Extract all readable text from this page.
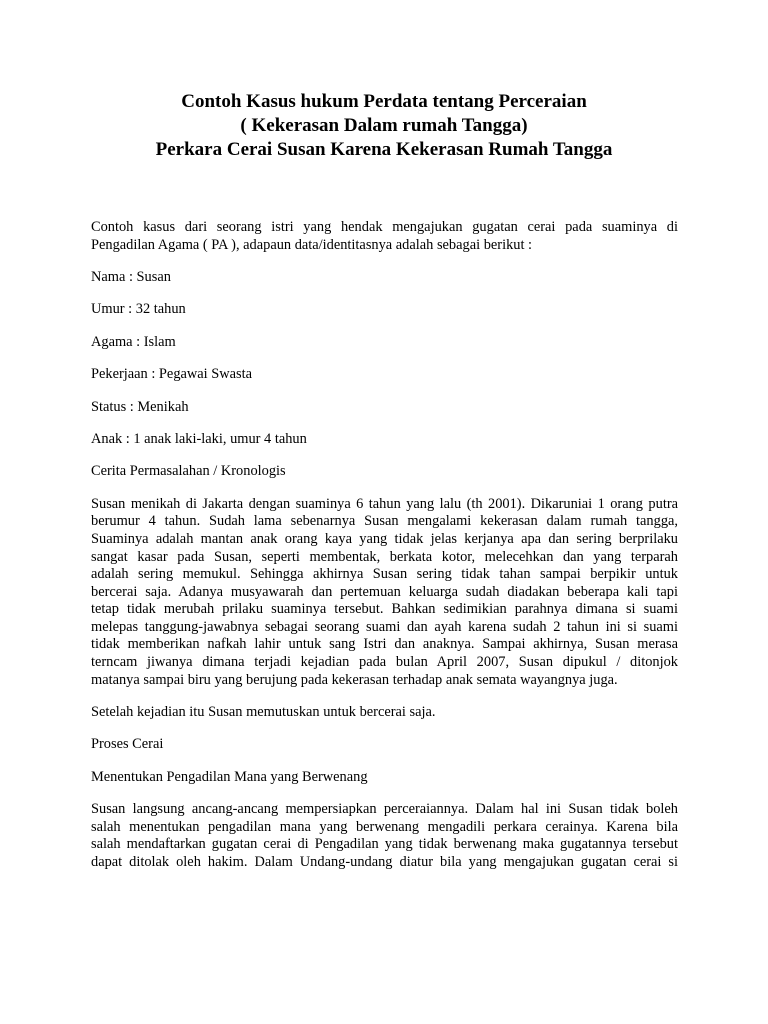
Contoh Kasus hukum Perdata tentang Perceraian
( Kekerasan Dalam rumah Tangga)
Perkara Cerai Susan Karena Kekerasan Rumah Tangga
Contoh kasus dari seorang istri yang hendak mengajukan gugatan cerai pada suaminya di
Pengadilan Agama ( PA ), adapaun data/identitasnya adalah sebagai berikut :
Nama : Susan
Umur : 32 tahun
Agama : Islam
Pekerjaan : Pegawai Swasta
Status : Menikah
Anak : 1 anak laki-laki, umur 4 tahun
Cerita Permasalahan / Kronologis
Susan menikah di Jakarta dengan suaminya 6 tahun yang lalu (th 2001). Dikaruniai 1 orang putra
berumur 4 tahun. Sudah lama sebenarnya Susan mengalami kekerasan dalam rumah tangga,
Suaminya adalah mantan anak orang kaya yang tidak jelas kerjanya apa dan sering berprilaku
sangat kasar pada Susan, seperti membentak, berkata kotor, melecehkan dan yang terparah
adalah sering memukul. Sehingga akhirnya Susan sering tidak tahan sampai berpikir untuk
bercerai saja. Adanya musyawarah dan pertemuan keluarga sudah diadakan beberapa kali tapi
tetap tidak merubah prilaku suaminya tersebut. Bahkan sedimikian parahnya dimana si suami
melepas tanggung-jawabnya sebagai seorang suami dan ayah karena sudah 2 tahun ini si suami
tidak memberikan nafkah lahir untuk sang Istri dan anaknya. Sampai akhirnya, Susan merasa
terncam jiwanya dimana terjadi kejadian pada bulan April 2007, Susan dipukul / ditonjok
matanya sampai biru yang berujung pada kekerasan terhadap anak semata wayangnya juga.
Setelah kejadian itu Susan memutuskan untuk bercerai saja.
Proses Cerai
Menentukan Pengadilan Mana yang Berwenang
Susan langsung ancang-ancang mempersiapkan perceraiannya. Dalam hal ini Susan tidak boleh
salah menentukan pengadilan mana yang berwenang mengadili perkara cerainya. Karena bila
salah mendaftarkan gugatan cerai di Pengadilan yang tidak berwenang maka gugatannya tersebut
dapat ditolak oleh hakim. Dalam Undang-undang diatur bila yang mengajukan gugatan cerai si
